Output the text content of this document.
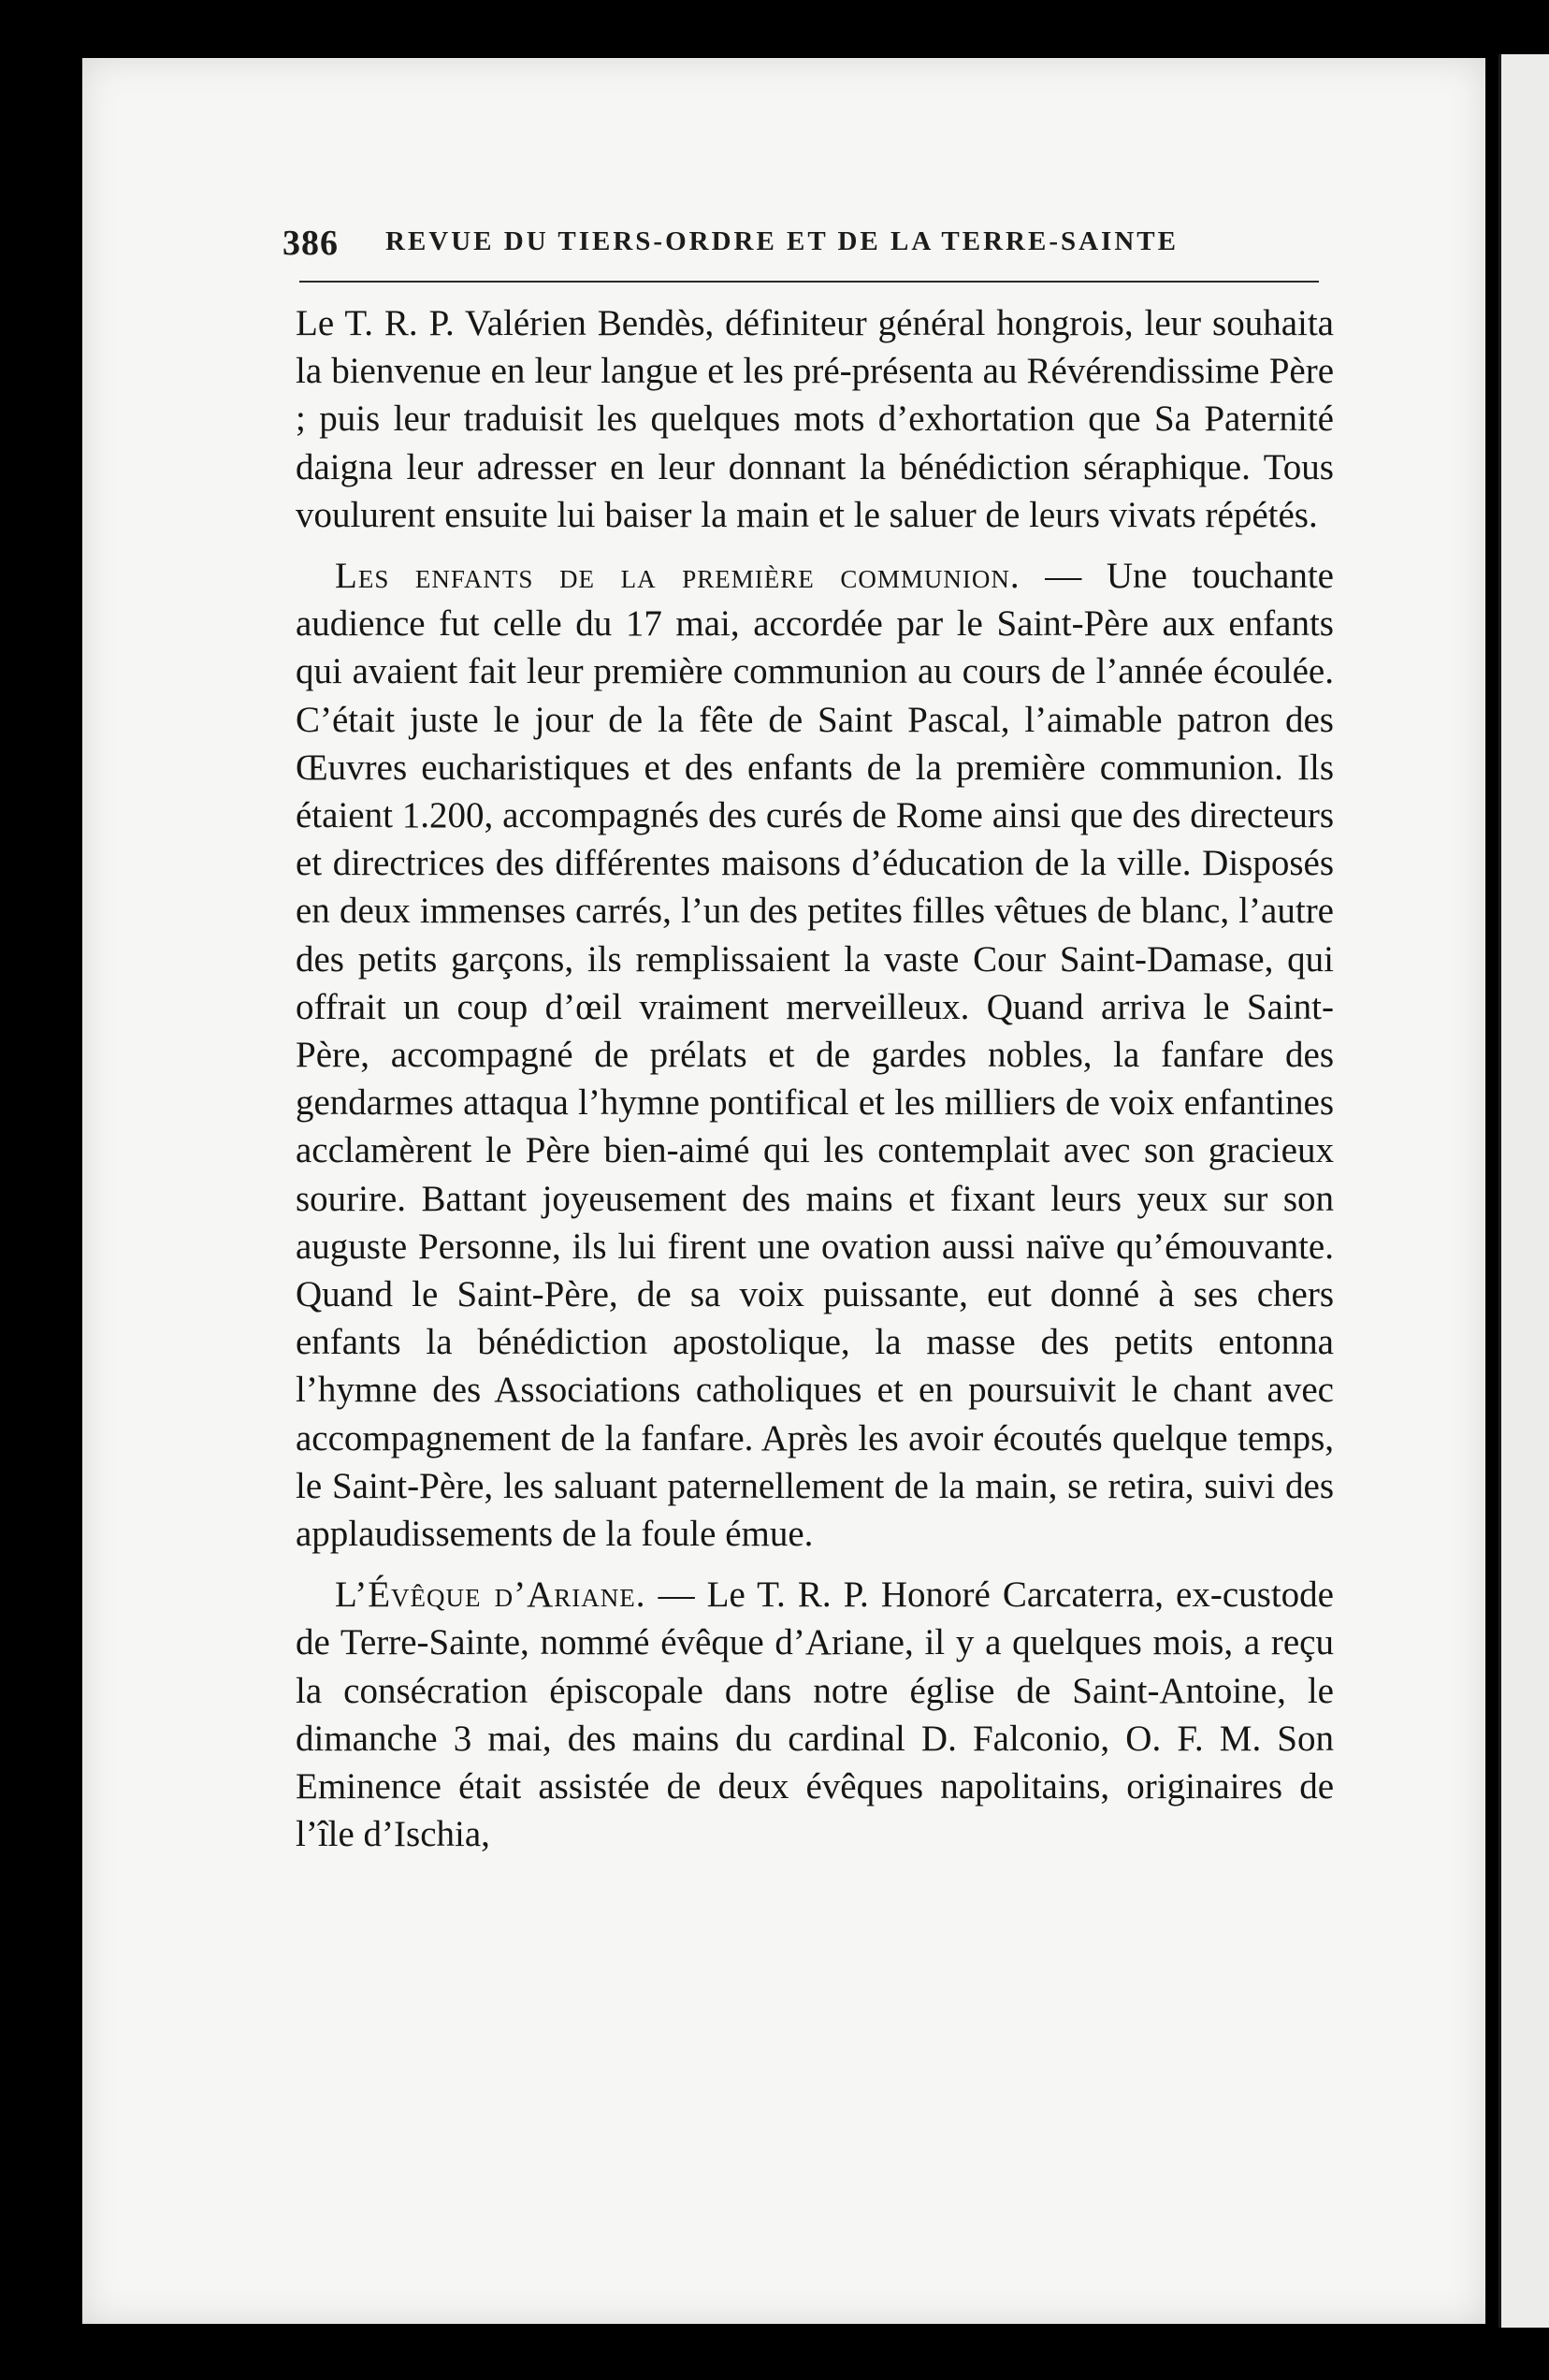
386 REVUE DU TIERS-ORDRE ET DE LA TERRE-SAINTE

Le T. R. P. Valérien Bendès, définiteur général hongrois, leur souhaita la bienvenue en leur langue et les pré-présenta au Révérendissime Père ; puis leur traduisit les quelques mots d’exhortation que Sa Paternité daigna leur adresser en leur donnant la bénédiction séraphique. Tous voulurent ensuite lui baiser la main et le saluer de leurs vivats répétés.

Les enfants de la première communion. — Une touchante audience fut celle du 17 mai, accordée par le Saint-Père aux enfants qui avaient fait leur première communion au cours de l’année écoulée. C’était juste le jour de la fête de Saint Pascal, l’aimable patron des Œuvres eucharistiques et des enfants de la première communion. Ils étaient 1.200, accompagnés des curés de Rome ainsi que des directeurs et directrices des différentes maisons d’éducation de la ville. Disposés en deux immenses carrés, l’un des petites filles vêtues de blanc, l’autre des petits garçons, ils remplissaient la vaste Cour Saint-Damase, qui offrait un coup d’œil vraiment merveilleux. Quand arriva le Saint-Père, accompagné de prélats et de gardes nobles, la fanfare des gendarmes attaqua l’hymne pontifical et les milliers de voix enfantines acclamèrent le Père bien-aimé qui les contemplait avec son gracieux sourire. Battant joyeusement des mains et fixant leurs yeux sur son auguste Personne, ils lui firent une ovation aussi naïve qu’émouvante. Quand le Saint-Père, de sa voix puissante, eut donné à ses chers enfants la bénédiction apostolique, la masse des petits entonna l’hymne des Associations catholiques et en poursuivit le chant avec accompagnement de la fanfare. Après les avoir écoutés quelque temps, le Saint-Père, les saluant paternellement de la main, se retira, suivi des applaudissements de la foule émue.

L’Évêque d’Ariane. — Le T. R. P. Honoré Carcaterra, ex-custode de Terre-Sainte, nommé évêque d’Ariane, il y a quelques mois, a reçu la consécration épiscopale dans notre église de Saint-Antoine, le dimanche 3 mai, des mains du cardinal D. Falconio, O. F. M. Son Eminence était assistée de deux évêques napolitains, originaires de l’île d’Ischia,
